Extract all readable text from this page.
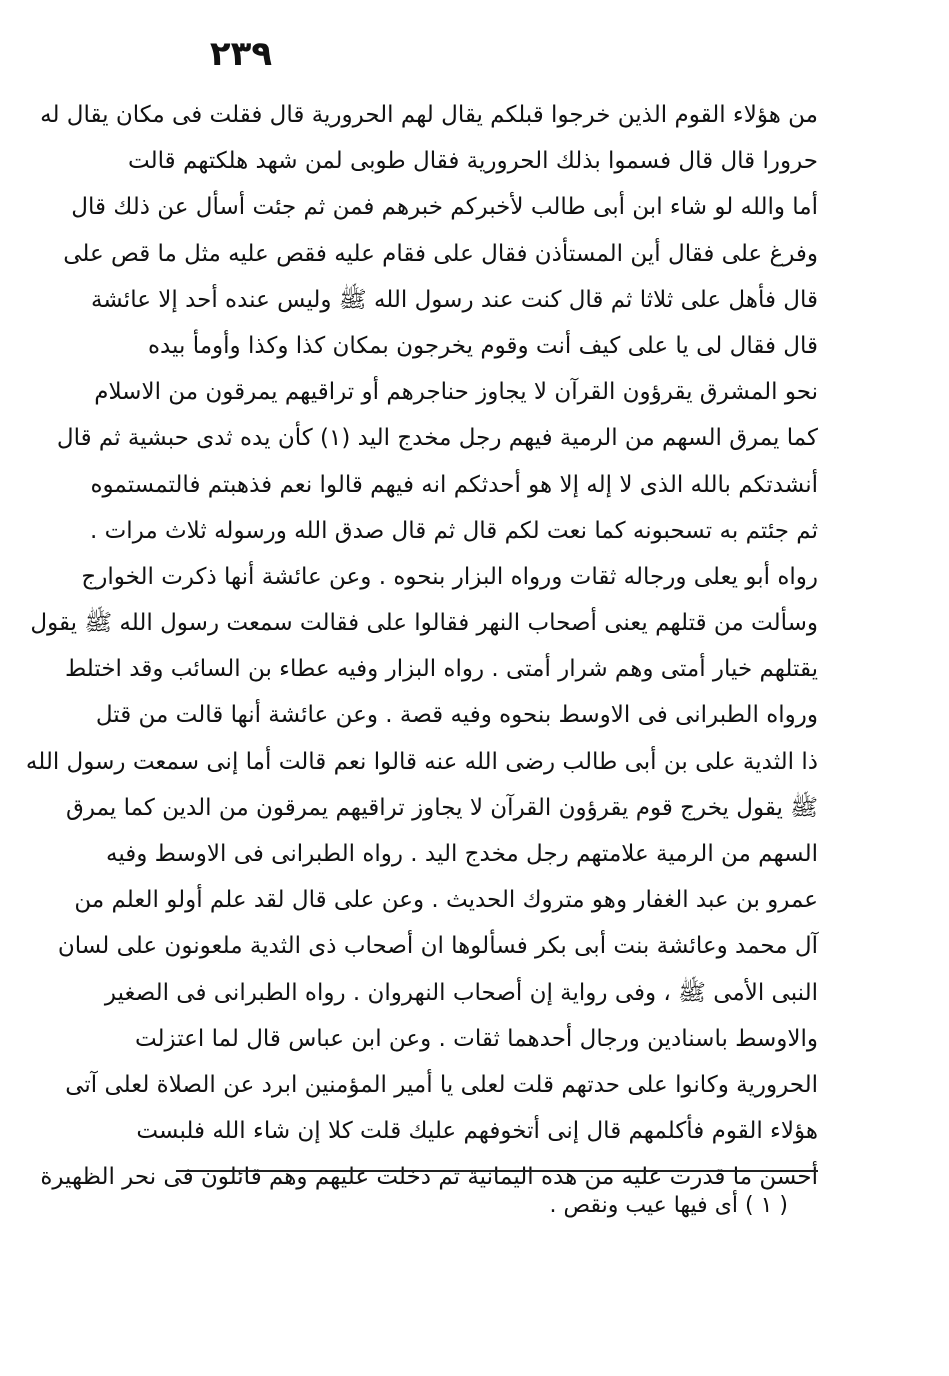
٢٣٩
من هؤلاء القوم الذين خرجوا قبلكم يقال لهم الحرورية قال فقلت فى مكان يقال له
حرورا قال قال فسموا بذلك الحرورية فقال طوبى لمن شهد هلكتهم قالت
أما والله لو شاء ابن أبى طالب لأخبركم خبرهم فمن ثم جئت أسأل عن ذلك قال
وفرغ على فقال أين المستأذن فقال على فقام عليه فقص عليه مثل ما قص على
قال فأهل على ثلاثا ثم قال كنت عند رسول الله ﷺ وليس عنده أحد إلا عائشة
قال فقال لى يا على كيف أنت وقوم يخرجون بمكان كذا وكذا وأومأ بيده
نحو المشرق يقرؤون القرآن لا يجاوز حناجرهم أو تراقيهم يمرقون من الاسلام
كما يمرق السهم من الرمية فيهم رجل مخدج اليد (١) كأن يده ثدى حبشية ثم قال
أنشدتكم بالله الذى لا إله إلا هو أحدثكم انه فيهم قالوا نعم فذهبتم فالتمستموه
ثم جئتم به تسحبونه كما نعت لكم قال ثم قال صدق الله ورسوله ثلاث مرات .
رواه أبو يعلى ورجاله ثقات ورواه البزار بنحوه . وعن عائشة أنها ذكرت الخوارج
وسألت من قتلهم يعنى أصحاب النهر فقالوا على فقالت سمعت رسول الله ﷺ يقول
يقتلهم خيار أمتى وهم شرار أمتى . رواه البزار وفيه عطاء بن السائب وقد اختلط
ورواه الطبرانى فى الاوسط بنحوه وفيه قصة . وعن عائشة أنها قالت من قتل
ذا الثدية على بن أبى طالب رضى الله عنه قالوا نعم قالت أما إنى سمعت رسول الله
ﷺ يقول يخرج قوم يقرؤون القرآن لا يجاوز تراقيهم يمرقون من الدين كما يمرق
السهم من الرمية علامتهم رجل مخدج اليد . رواه الطبرانى فى الاوسط وفيه
عمرو بن عبد الغفار وهو متروك الحديث . وعن على قال لقد علم أولو العلم من
آل محمد وعائشة بنت أبى بكر فسألوها ان أصحاب ذى الثدية ملعونون على لسان
النبى الأمى ﷺ ، وفى رواية إن أصحاب النهروان . رواه الطبرانى فى الصغير
والاوسط باسنادين ورجال أحدهما ثقات . وعن ابن عباس قال لما اعتزلت
الحرورية وكانوا على حدتهم قلت لعلى يا أمير المؤمنين ابرد عن الصلاة لعلى آتى
هؤلاء القوم فأكلمهم قال إنى أتخوفهم عليك قلت كلا إن شاء الله فلبست
أحسن ما قدرت عليه من هذه اليمانية ثم دخلت عليهم وهم قائلون فى نحر الظهيرة
( ١ ) أى فيها عيب ونقص .
